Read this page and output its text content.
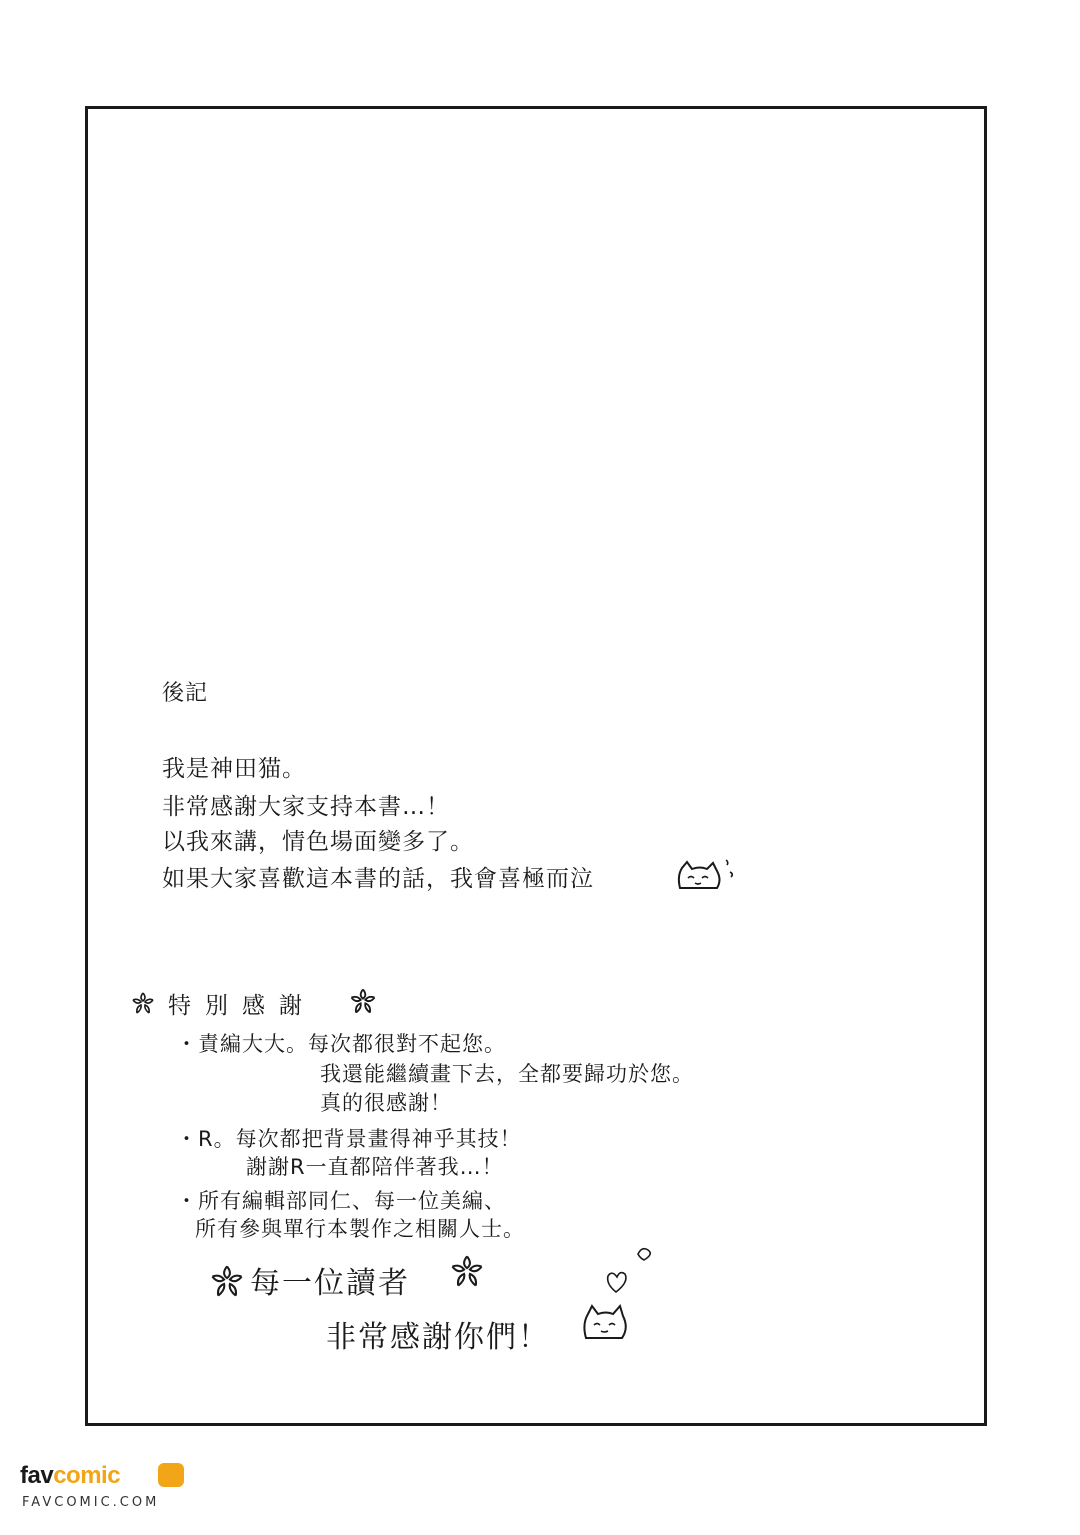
後記
我是神田猫。
非常感謝大家支持本書…！
以我來講，情色場面變多了。
如果大家喜歡這本書的話，我會喜極而泣
特別感謝
・責編大大。每次都很對不起您。
我還能繼續畫下去，全都要歸功於您。
真的很感謝！
・R。每次都把背景畫得神乎其技！
謝謝R一直都陪伴著我…！
・所有編輯部同仁、每一位美編、
所有參與單行本製作之相關人士。
每一位讀者
非常感謝你們！
favcomic
FAVCOMIC.COM
